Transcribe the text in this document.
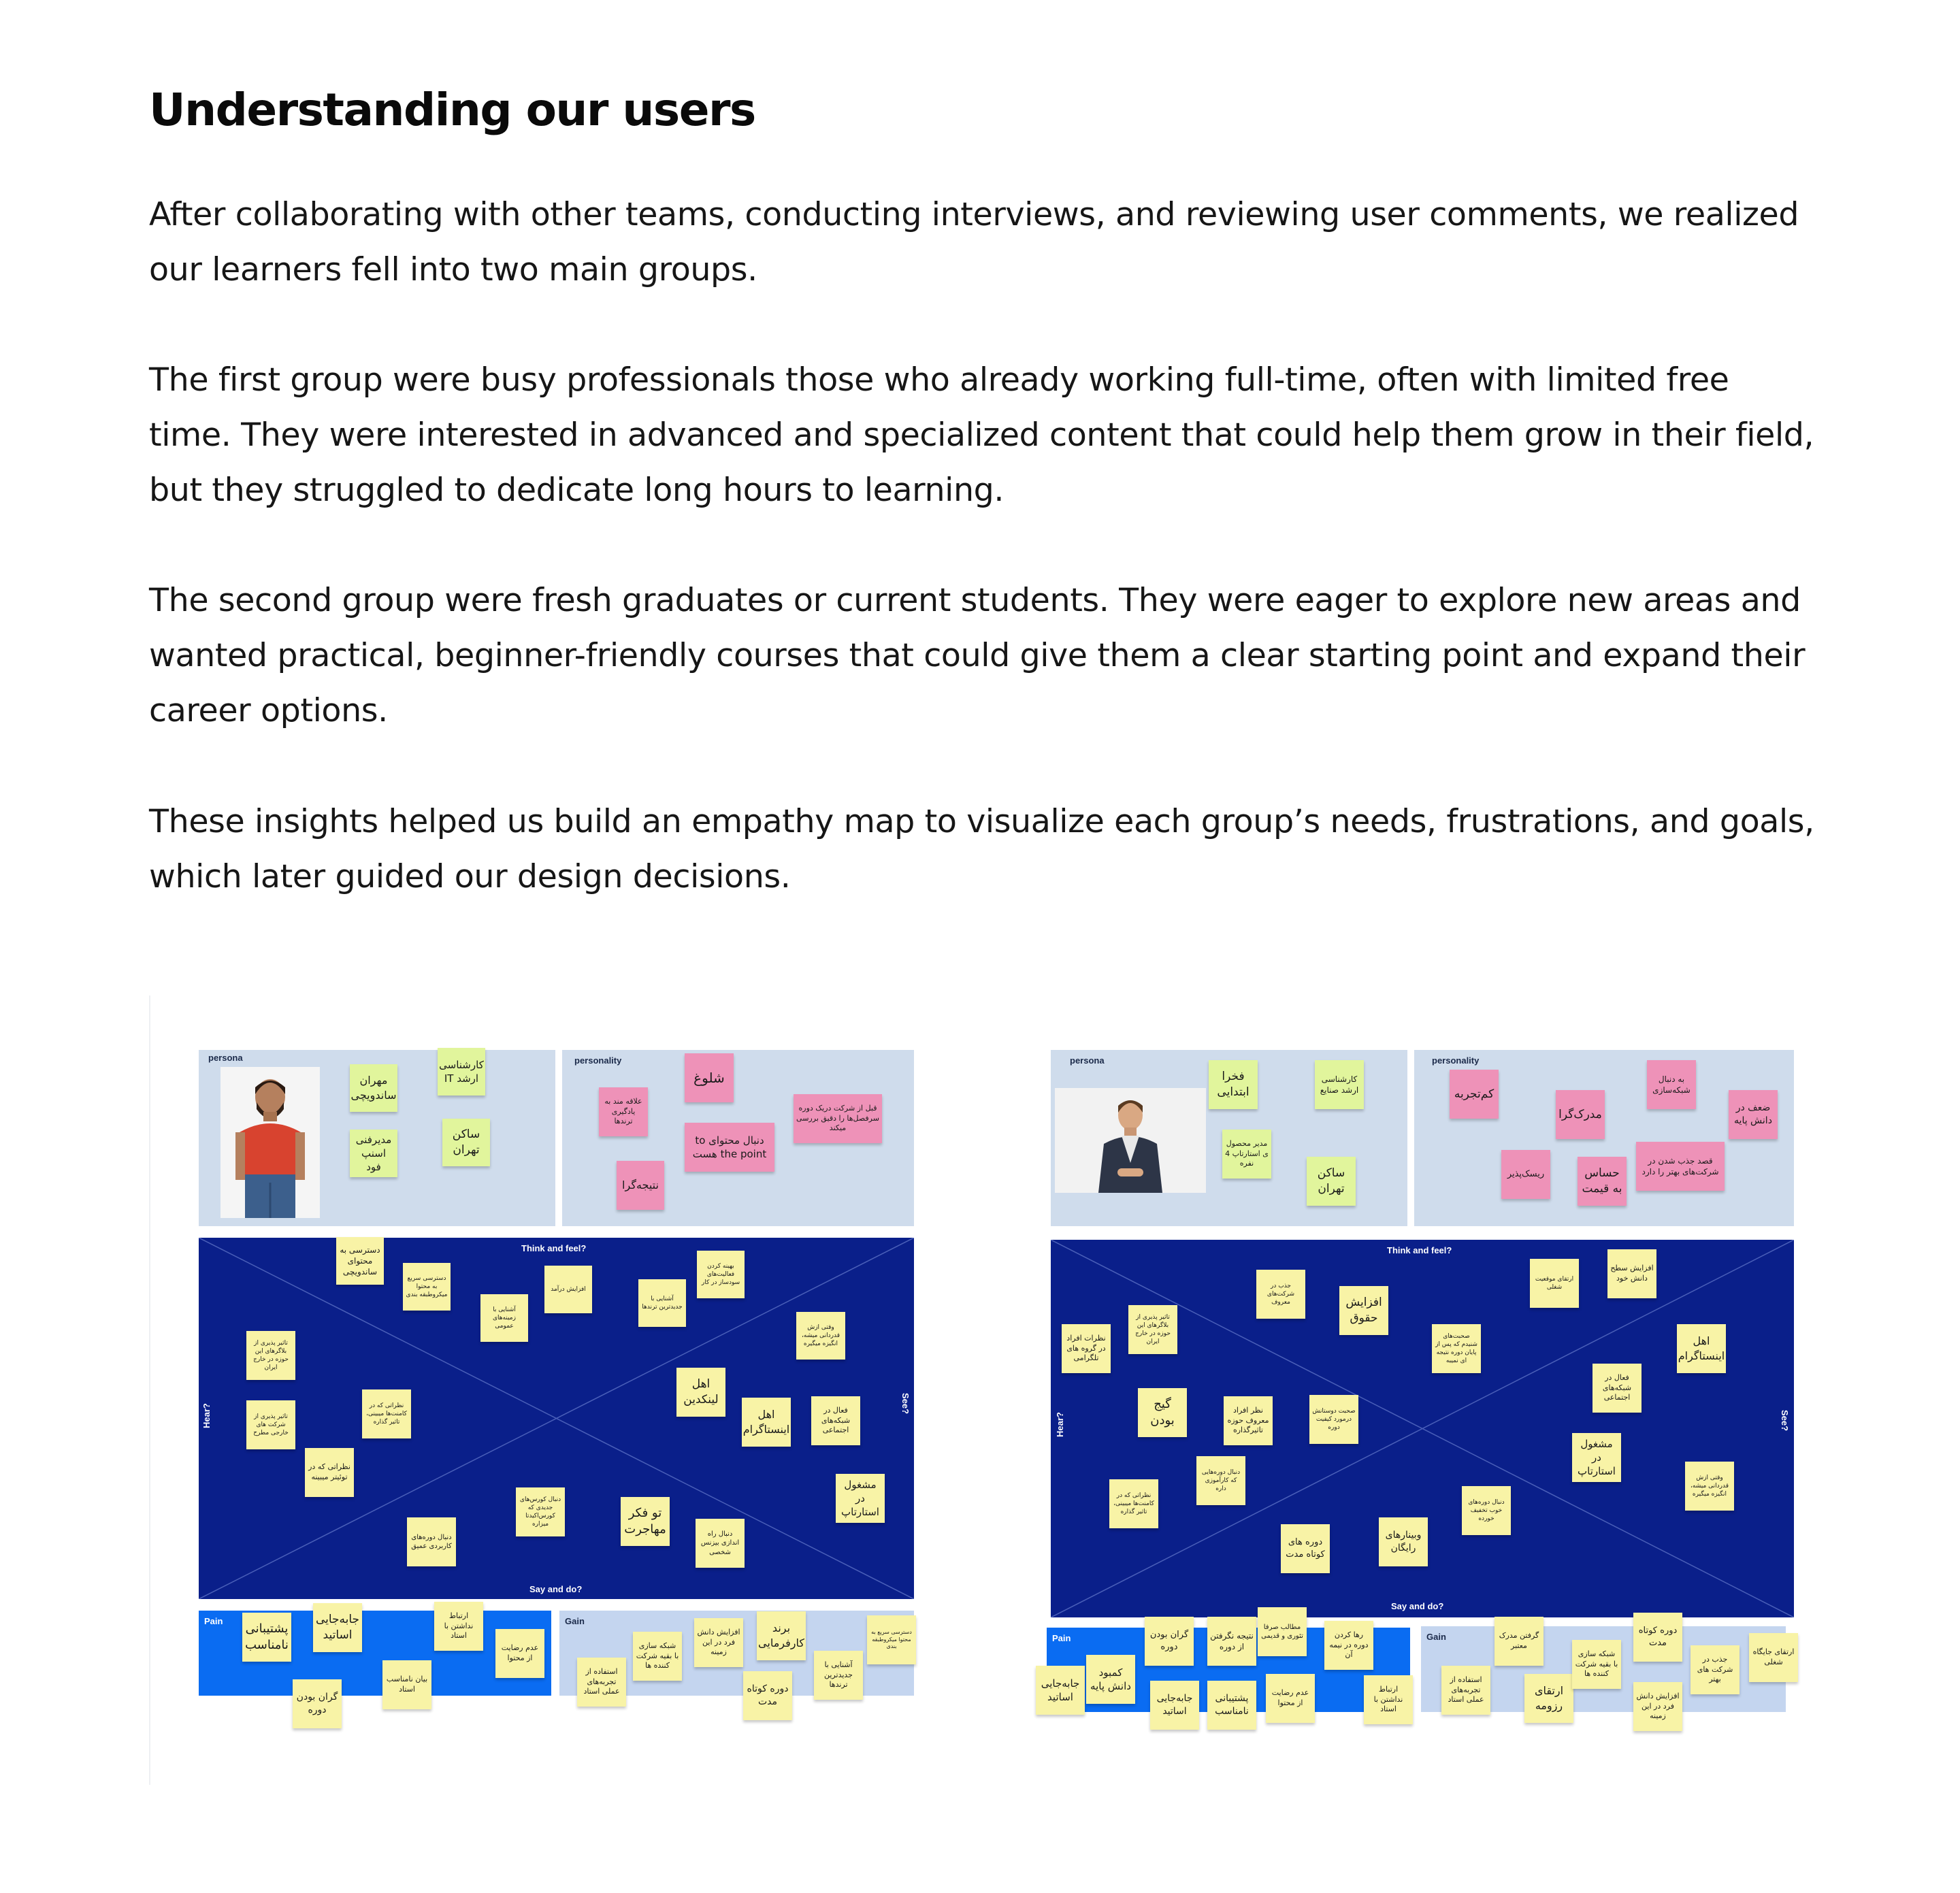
Understanding our users

After collaborating with other teams, conducting interviews, and reviewing user comments, we realized our learners fell into two main groups.

The first group were busy professionals those who already working full-time, often with limited free time. They were interested in advanced and specialized content that could help them grow in their field, but they struggled to dedicate long hours to learning.

The second group were fresh graduates or current students. They were eager to explore new areas and wanted practical, beginner-friendly courses that could give them a clear starting point and expand their career options.

These insights helped us build an empathy map to visualize each group’s needs, frustrations, and goals, which later guided our design decisions.

persona	personality
Think and feel?
Say and do?
Hear?	See?
Pain	Gain
مهران ساندویچی
کارشناسی ارشد IT
مدیرفنی اسنپ فود
ساکن تهران
شلوغ
علاقه مند به یادگیری ترندها
قبل از شرکت دریک دوره سرفصل‌ها را دقیق بررسی میکند
دنبال محتوای to the point هست
نتیجه‌گرا
دسترسی به محتوای ساندویچی
دسترسی سریع به محتوا میکروطبقه بندی
آشنایی با زمینه‌های عمومی
افزایش درآمد
آشنایی با جدیدترین ترندها
بهینه کردن فعالیت‌های سودساز در کار
وقتی ازش قدردانی میشه، انگیزه میگیره
تاثیر پذیری از بلاگرهای این حوزه در خارج ایران
تاثیر پذیری از شرکت های خارجی مطرح
نظراتی که در کامنت‌ها میبینی، تاثیر گذاره
نظراتی که در توئیتر میبینه
اهل لینکدین
اهل اینستاگرام
فعال در شبکه‌های اجتماعی
مشغول در استارتاپ
دنبال کورس‌های جدیدی که کورس‌اکیدتا میزاره
تو فکر مهاجرت	دنبال راه اندازی بیزنس شخصی
دنبال دوره‌های کاربردی عمیق
پشتیبانی نامناسب
جابه‌جایی اساتید
ارتباط نداشتن با استاد
عدم رضایت از محتوا
بیان نامناسب استاد
گران بودن دوره
استفاده از تجربه‌های عملی استاد
شبکه سازی با بقیه شرکت کننده ها
افزایش دانش فرد در این زمینه
برند کارفرمایی
دسترسی سریع به محتوا میکروطبقه بندی
آشنایی با جدیدترین ترندها
دوره کوتاه مدت
persona	personality
Think and feel?
Say and do?
Hear?	See?
Pain	Gain
فخرا ابتدایی
کارشناسی ارشد صنایع
مدیر محصول ی استارتاپ 4 نفره
ساکن تهران
کم‌تجربه
مدرک‌گرا
به دنبال شبکه‌سازی
ضعف در دانش پایه
ریسک‌پذیر	حساس به قیمت
قصد جذب شدن در شرکت‌های بهتر را دارد
جذب در شرکت‌های معروف	افزایش حقوق
ارتقای موقعیت شغلی
افزایش سطح دانش خود
نظرات افراد در گروه های تلگرامی
تاثیر پذیری از بلاگرهای این حوزه در خارج ایران
صحبت‌های شنیدم که پس از پایان دوره نتیجه ای نمیبه
اهل اینستاگرام
فعال در شبکه‌های اجتماعی
گیج بودن
نظر افراد معروف حوزه تاثیرگذاره
صحبت دوستانش درمورد کیفیت دوره
مشغول در استارتاپ
وقتی ازش قدردانی میشه، انگیزه میگیره
نظراتی که در کامنت‌ها میبینی، تاثیر گذاره
دنبال دوره‌هایی که کارآموزی داره
دنبال دوره‌های خوب تخفیف خورده
دوره های کوتاه مدت
وبینارهای رایگان
جابه‌جایی اساتید
کمبود دانش پایه
گران بودن دوره
نتیجه نگرفتن از دوره
مطالب صرفا تئوری و قدیمی	رها کردن دوره در نیمه آن
جابه‌جایی اساتید
پشتیبانی نامناسب
عدم رضایت از محتوا
ارتباط نداشتن با استاد
استفاده از تجربه‌های عملی استاد
گرفتن مدرک معتبر
ارتقای رزومه
شبکه سازی با بقیه شرکت کننده ها
دوره کوتاه مدت
افزایش دانش فرد در این زمینه
جذب در شرکت های بهتر
ارتقای جایگاه شغلی
